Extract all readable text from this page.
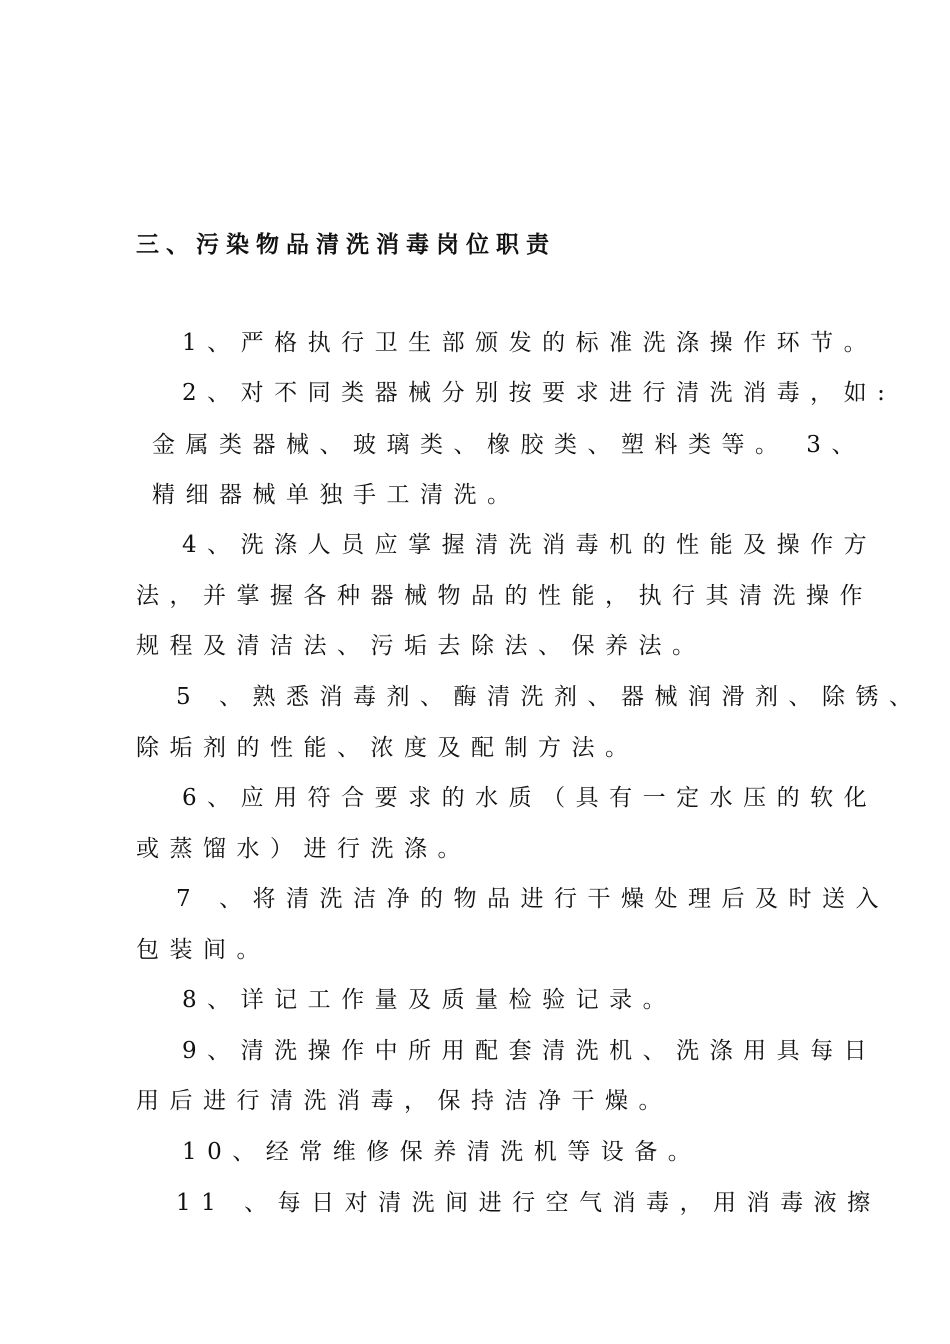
三、污染物品清洗消毒岗位职责
1、严格执行卫生部颁发的标准洗涤操作环节。
2、对不同类器械分别按要求进行清洗消毒，如:
金属类器械、玻璃类、橡胶类、塑料类等。 3、
精细器械单独手工清洗。
4、洗涤人员应掌握清洗消毒机的性能及操作方
法，并掌握各种器械物品的性能，执行其清洗操作
规程及清洁法、污垢去除法、保养法。
5 、熟悉消毒剂、酶清洗剂、器械润滑剂、除锈、
除垢剂的性能、浓度及配制方法。
6、应用符合要求的水质（具有一定水压的软化
或蒸馏水）进行洗涤。
7 、将清洗洁净的物品进行干燥处理后及时送入
包装间。
8、详记工作量及质量检验记录。
9、清洗操作中所用配套清洗机、洗涤用具每日
用后进行清洗消毒，保持洁净干燥。
10、经常维修保养清洗机等设备。
11 、每日对清洗间进行空气消毒，用消毒液擦
